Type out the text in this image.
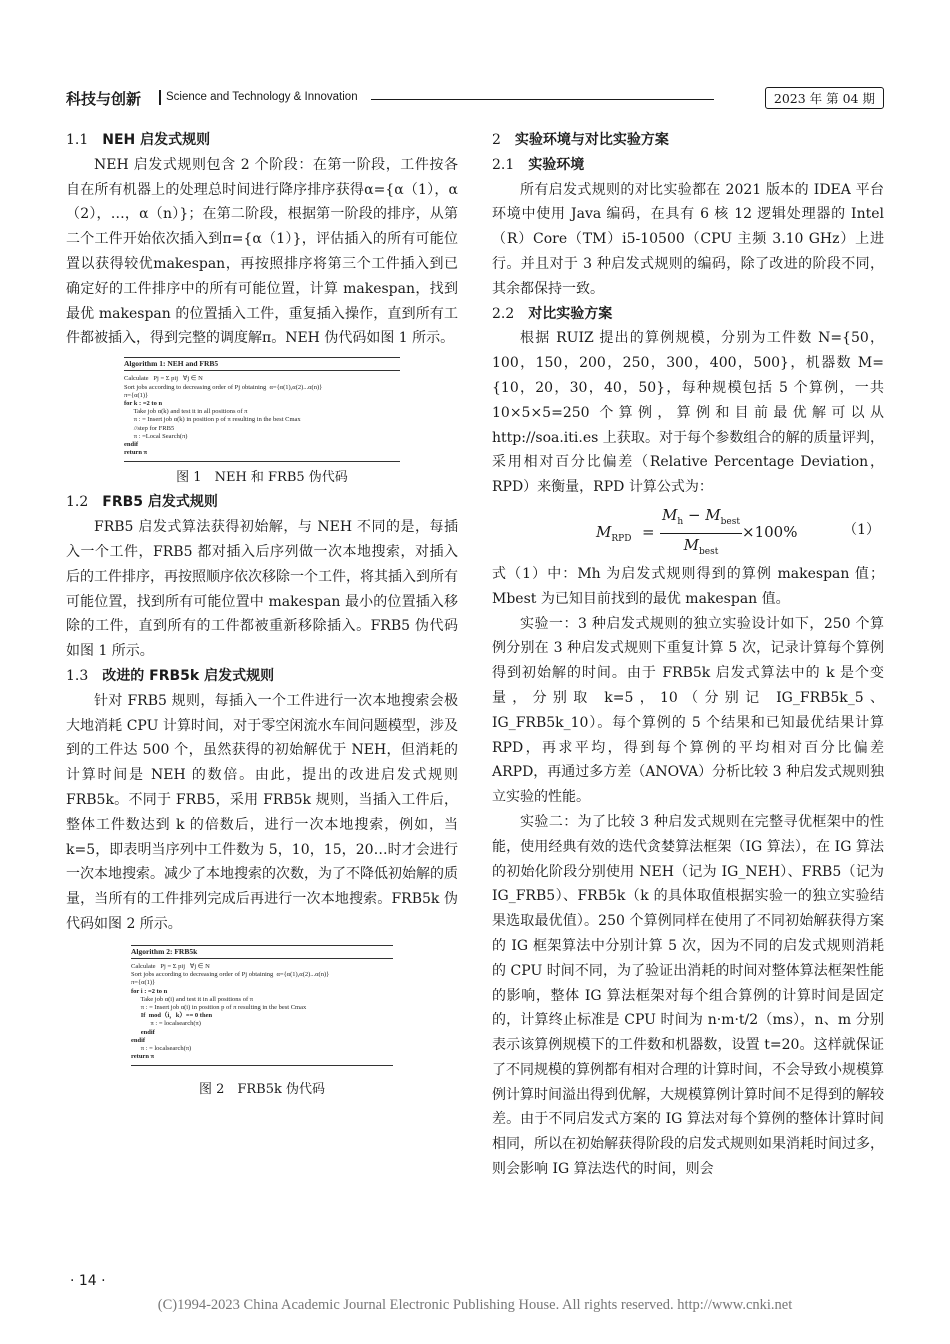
科技与创新 Science and Technology & Innovation	2023 年 第 04 期
1.1 NEH 启发式规则
NEH 启发式规则包含 2 个阶段：在第一阶段，工件按各自在所有机器上的处理总时间进行降序排序获得α={α（1），α（2），…，α（n）}；在第二阶段，根据第一阶段的排序，从第二个工件开始依次插入到π={α（1）}，评估插入的所有可能位置以获得较优makespan，再按照排序将第三个工件插入到已确定好的工件排序中的所有可能位置，计算 makespan，找到最优 makespan 的位置插入工件，重复插入操作，直到所有工件都被插入，得到完整的调度解π。NEH 伪代码如图 1 所示。
Algorithm 1: NEH and FRB5
Calculate   Pj = Σ pij   ∀j ∈ N
Sort jobs according to decreasing order of Pj obtaining  α={α(1),α(2)...α(n)}
π={α(1)}
for k : =2 to n
Take job α(k) and test it in all positions of π
π : = Insert job α(k) in position p of π resulting in the best Cmax
//step for FRB5
π : =Local Search(π)
endif
return π
图 1　NEH 和 FRB5 伪代码
1.2 FRB5 启发式规则
FRB5 启发式算法获得初始解，与 NEH 不同的是，每插入一个工件，FRB5 都对插入后序列做一次本地搜索，对插入后的工件排序，再按照顺序依次移除一个工件，将其插入到所有可能位置，找到所有可能位置中 makespan 最小的位置插入移除的工件，直到所有的工件都被重新移除插入。FRB5 伪代码如图 1 所示。
1.3 改进的 FRB5k 启发式规则
针对 FRB5 规则，每插入一个工件进行一次本地搜索会极大地消耗 CPU 计算时间，对于零空闲流水车间问题模型，涉及到的工件达 500 个，虽然获得的初始解优于 NEH，但消耗的计算时间是 NEH 的数倍。由此，提出的改进启发式规则 FRB5k。不同于 FRB5，采用 FRB5k 规则，当插入工件后，整体工件数达到 k 的倍数后，进行一次本地搜索，例如，当 k=5，即表明当序列中工件数为 5，10，15，20…时才会进行一次本地搜索。减少了本地搜索的次数，为了不降低初始解的质量，当所有的工件排列完成后再进行一次本地搜索。FRB5k 伪代码如图 2 所示。
Algorithm 2: FRB5k
Calculate   Pj = Σ pij   ∀j ∈ N
Sort jobs according to decreasing order of Pj obtaining  α={α(1),α(2)...α(n)}
π={α(1)}
for i : =2 to n
Take job α(i) and test it in all positions of π
π : = Insert job α(i) in position p of π resulting in the best Cmax
If  mod（i，k）== 0 then
π : = localsearch(π)
endif
endif
π : = localsearch(π)
return π
图 2　FRB5k 伪代码
2 实验环境与对比实验方案
2.1 实验环境
所有启发式规则的对比实验都在 2021 版本的 IDEA 平台环境中使用 Java 编码，在具有 6 核 12 逻辑处理器的 Intel（R）Core（TM）i5-10500（CPU 主频 3.10 GHz）上进行。并且对于 3 种启发式规则的编码，除了改进的阶段不同，其余都保持一致。
2.2 对比实验方案
根据 RUIZ 提出的算例规模，分别为工件数 N={50，100，150，200，250，300，400，500}，机器数 M={10，20，30，40，50}，每种规模包括 5 个算例，一共 10×5×5=250 个算例，算例和目前最优解可以从 http://soa.iti.es 上获取。对于每个参数组合的解的质量评判，采用相对百分比偏差（Relative Percentage Deviation，RPD）来衡量，RPD 计算公式为：
$M_{RPD}$ =
$M_h - M_{best}$
$M_{best}$
×100%	（1）
式（1）中：Mh 为启发式规则得到的算例 makespan 值；Mbest 为已知目前找到的最优 makespan 值。
实验一：3 种启发式规则的独立实验设计如下，250 个算例分别在 3 种启发式规则下重复计算 5 次，记录计算每个算例得到初始解的时间。由于 FRB5k 启发式算法中的 k 是个变量，分别取 k=5，10（分别记 IG_FRB5k_5、IG_FRB5k_10）。每个算例的 5 个结果和已知最优结果计算 RPD，再求平均，得到每个算例的平均相对百分比偏差 ARPD，再通过多方差（ANOVA）分析比较 3 种启发式规则独立实验的性能。
实验二：为了比较 3 种启发式规则在完整寻优框架中的性能，使用经典有效的迭代贪婪算法框架（IG 算法），在 IG 算法的初始化阶段分别使用 NEH（记为 IG_NEH）、FRB5（记为 IG_FRB5）、FRB5k（k 的具体取值根据实验一的独立实验结果选取最优值）。250 个算例同样在使用了不同初始解获得方案的 IG 框架算法中分别计算 5 次，因为不同的启发式规则消耗的 CPU 时间不同，为了验证出消耗的时间对整体算法框架性能的影响，整体 IG 算法框架对每个组合算例的计算时间是固定的，计算终止标准是 CPU 时间为 n·m·t/2（ms），n、m 分别表示该算例规模下的工件数和机器数，设置 t=20。这样就保证了不同规模的算例都有相对合理的计算时间，不会导致小规模算例计算时间溢出得到优解，大规模算例计算时间不足得到的解较差。由于不同启发式方案的 IG 算法对每个算例的整体计算时间相同，所以在初始解获得阶段的启发式规则如果消耗时间过多，则会影响 IG 算法迭代的时间，则会
· 14 ·
(C)1994-2023 China Academic Journal Electronic Publishing House. All rights reserved. http://www.cnki.net
